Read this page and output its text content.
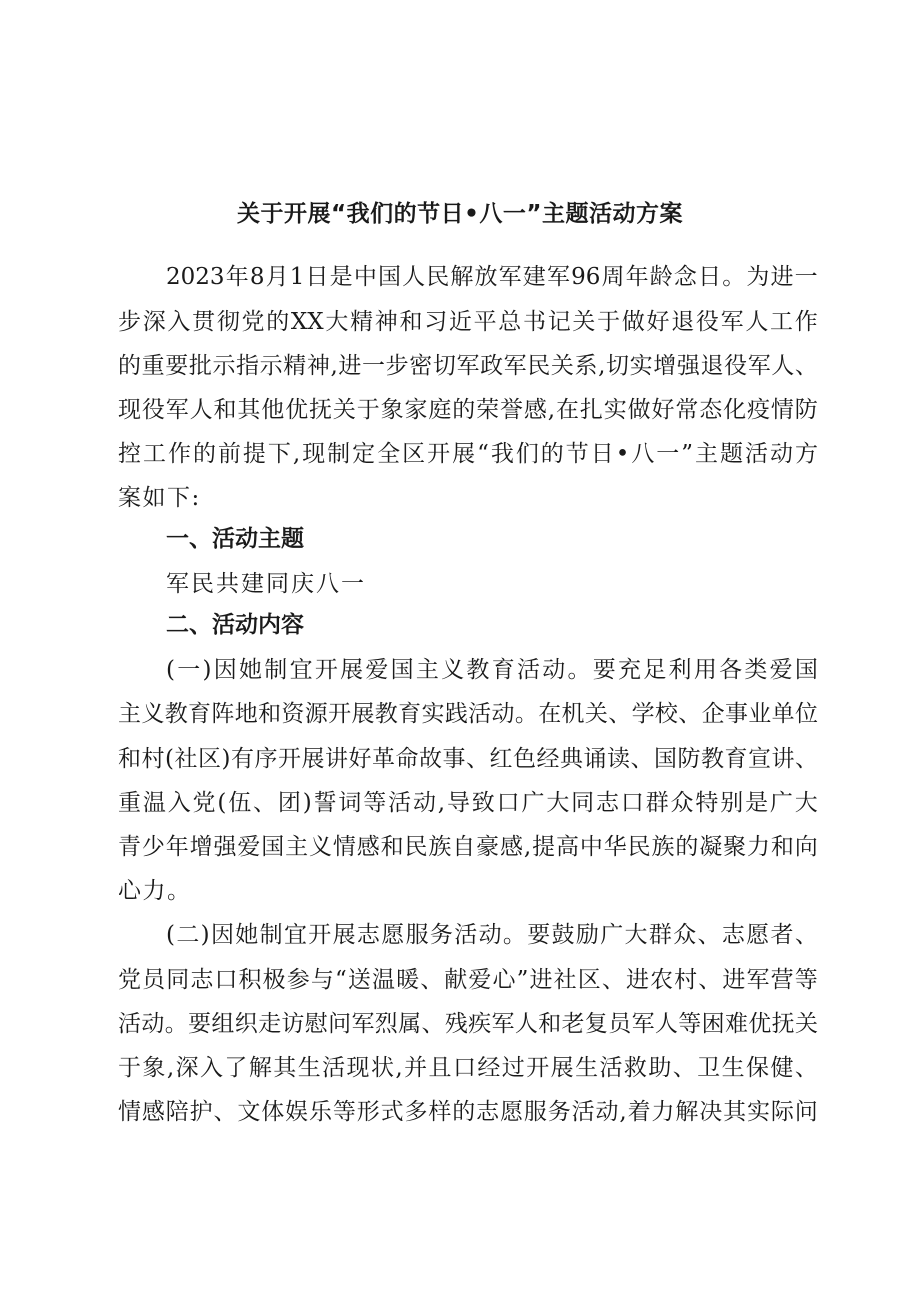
关于开展“我们的节日•八一”主题活动方案
2023 年 8 月 1 日 是 中 国 人 民 解 放 军 建 军 96 周 年 龄 念 日 。 为 进 一
步 深 入 贯 彻 党 的 XX 大 精 神 和 习 近 平 总 书 记 关 于 做 好 退 役 军 人 工 作
的 重 要 批 示 指 示 精 神 , 进 一 步 密 切 军 政 军 民 关 系 , 切 实 增 强 退 役 军 人 、
现 役 军 人 和 其 他 优 抚 关 于 象 家 庭 的 荣 誉 感 , 在 扎 实 做 好 常 态 化 疫 情 防
控 工 作 的 前 提 下 , 现 制 定 全 区 开 展 “ 我 们 的 节 日 • 八 一 ” 主 题 活 动 方
案如下:
一、活动主题
军民共建同庆八一
二、活动内容
( 一 ) 因 她 制 宜 开 展 爱 国 主 义 教 育 活 动 。 要 充 足 利 用 各 类 爱 国
主 义 教 育 阵 地 和 资 源 开 展 教 育 实 践 活 动 。 在 机 关 、 学 校 、 企 事 业 单 位
和 村 ( 社 区 ) 有 序 开 展 讲 好 革 命 故 事 、 红 色 经 典 诵 读 、 国 防 教 育 宣 讲 、
重 温 入 党 ( 伍 、 团 ) 誓 词 等 活 动 , 导 致 口 广 大 同 志 口 群 众 特 别 是 广 大
青 少 年 增 强 爱 国 主 义 情 感 和 民 族 自 豪 感 , 提 高 中 华 民 族 的 凝 聚 力 和 向
心力。
( 二 ) 因 她 制 宜 开 展 志 愿 服 务 活 动 。 要 鼓 励 广 大 群 众 、 志 愿 者 、
党 员 同 志 口 积 极 参 与 “ 送 温 暖 、 献 爱 心 ” 进 社 区 、 进 农 村 、 进 军 营 等
活 动 。 要 组 织 走 访 慰 问 军 烈 属 、 残 疾 军 人 和 老 复 员 军 人 等 困 难 优 抚 关
于 象 , 深 入 了 解 其 生 活 现 状 , 并 且 口 经 过 开 展 生 活 救 助 、 卫 生 保 健 、
情 感 陪 护 、 文 体 娱 乐 等 形 式 多 样 的 志 愿 服 务 活 动 , 着 力 解 决 其 实 际 问
